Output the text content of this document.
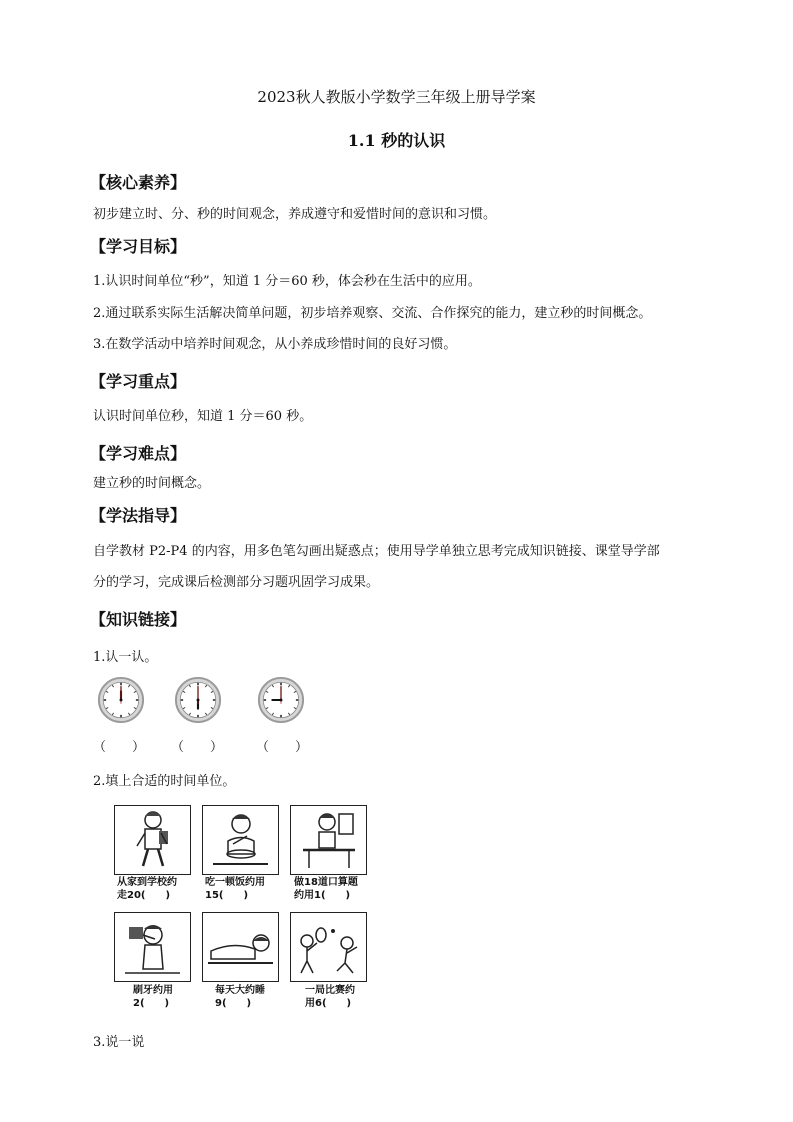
2023秋人教版小学数学三年级上册导学案
1.1 秒的认识
【核心素养】
初步建立时、分、秒的时间观念，养成遵守和爱惜时间的意识和习惯。
【学习目标】
1.认识时间单位“秒”，知道 1 分＝60 秒，体会秒在生活中的应用。
2.通过联系实际生活解决简单问题，初步培养观察、交流、合作探究的能力，建立秒的时间概念。
3.在数学活动中培养时间观念，从小养成珍惜时间的良好习惯。
【学习重点】
认识时间单位秒，知道 1 分＝60 秒。
【学习难点】
建立秒的时间概念。
【学法指导】
自学教材 P2-P4 的内容，用多色笔勾画出疑惑点；使用导学单独立思考完成知识链接、课堂导学部
分的学习，完成课后检测部分习题巩固学习成果。
【知识链接】
1.认一认。
（　　） （　　）	（　　）
2.填上合适的时间单位。
从家到学校约
走20(　　)
吃一顿饭约用
15(　　)
做18道口算题
约用1(　　)
刷牙约用
2(　　)
每天大约睡
9(　　)
一局比赛约
用6(　　)
3.说一说
